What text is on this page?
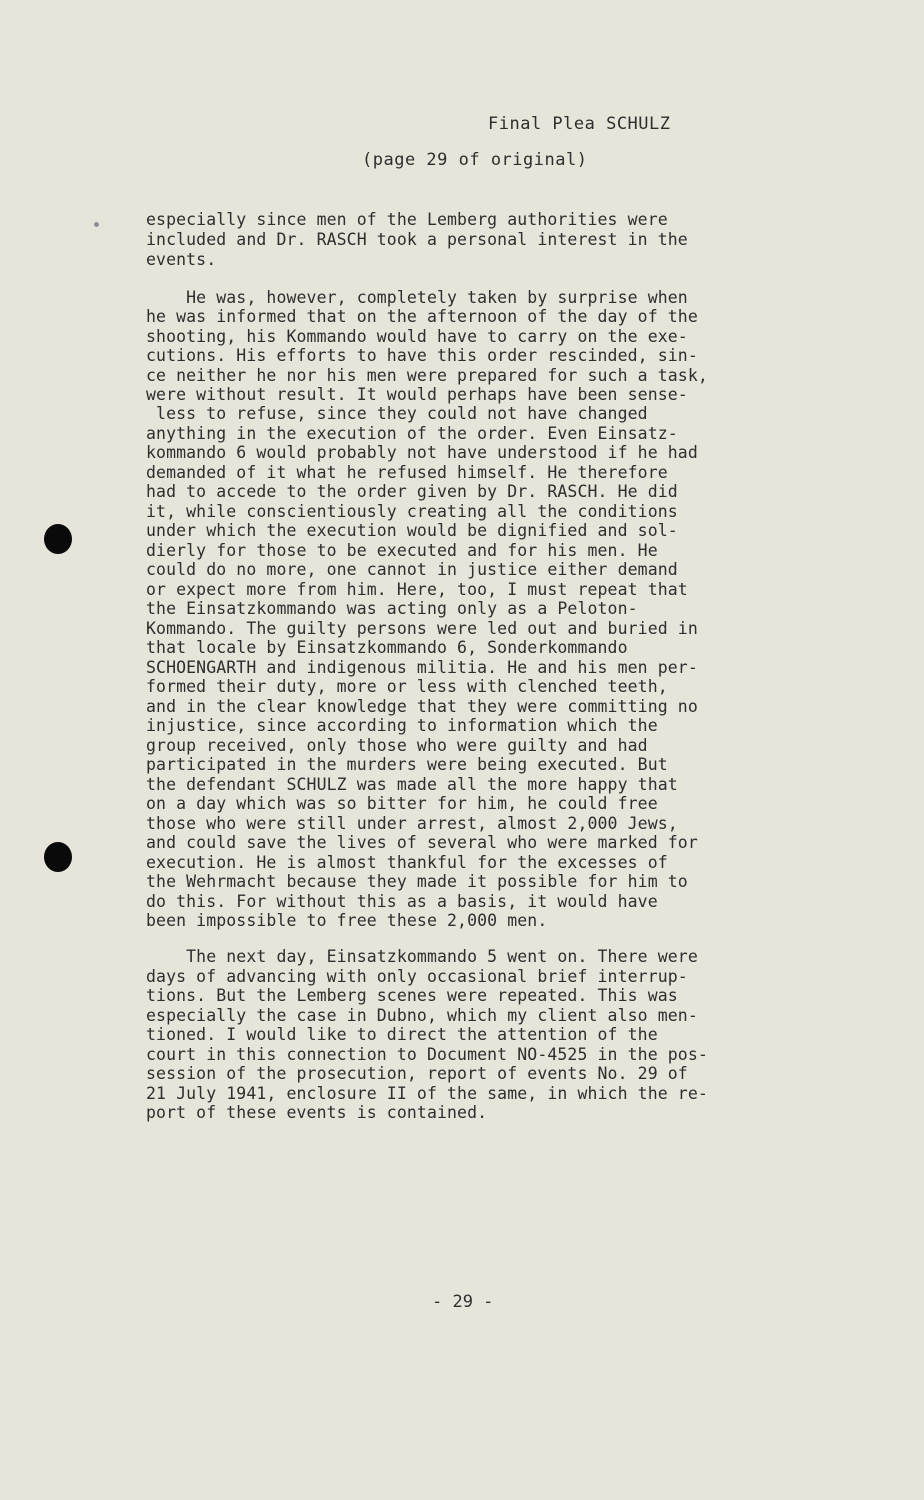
Final Plea SCHULZ
(page 29 of original)
especially since men of the Lemberg authorities were
included and Dr. RASCH took a personal interest in the
events.
He was, however, completely taken by surprise when
he was informed that on the afternoon of the day of the
shooting, his Kommando would have to carry on the exe-
cutions. His efforts to have this order rescinded, sin-
ce neither he nor his men were prepared for such a task,
were without result. It would perhaps have been sense-
less to refuse, since they could not have changed
anything in the execution of the order. Even Einsatz-
kommando 6 would probably not have understood if he had
demanded of it what he refused himself. He therefore
had to accede to the order given by Dr. RASCH. He did
it, while conscientiously creating all the conditions
under which the execution would be dignified and sol-
dierly for those to be executed and for his men. He
could do no more, one cannot in justice either demand
or expect more from him. Here, too, I must repeat that
the Einsatzkommando was acting only as a Peloton-
Kommando. The guilty persons were led out and buried in
that locale by Einsatzkommando 6, Sonderkommando
SCHOENGARTH and indigenous militia. He and his men per-
formed their duty, more or less with clenched teeth,
and in the clear knowledge that they were committing no
injustice, since according to information which the
group received, only those who were guilty and had
participated in the murders were being executed. But
the defendant SCHULZ was made all the more happy that
on a day which was so bitter for him, he could free
those who were still under arrest, almost 2,000 Jews,
and could save the lives of several who were marked for
execution. He is almost thankful for the excesses of
the Wehrmacht because they made it possible for him to
do this. For without this as a basis, it would have
been impossible to free these 2,000 men.
The next day, Einsatzkommando 5 went on. There were
days of advancing with only occasional brief interrup-
tions. But the Lemberg scenes were repeated. This was
especially the case in Dubno, which my client also men-
tioned. I would like to direct the attention of the
court in this connection to Document NO-4525 in the pos-
session of the prosecution, report of events No. 29 of
21 July 1941, enclosure II of the same, in which the re-
port of these events is contained.
- 29 -
